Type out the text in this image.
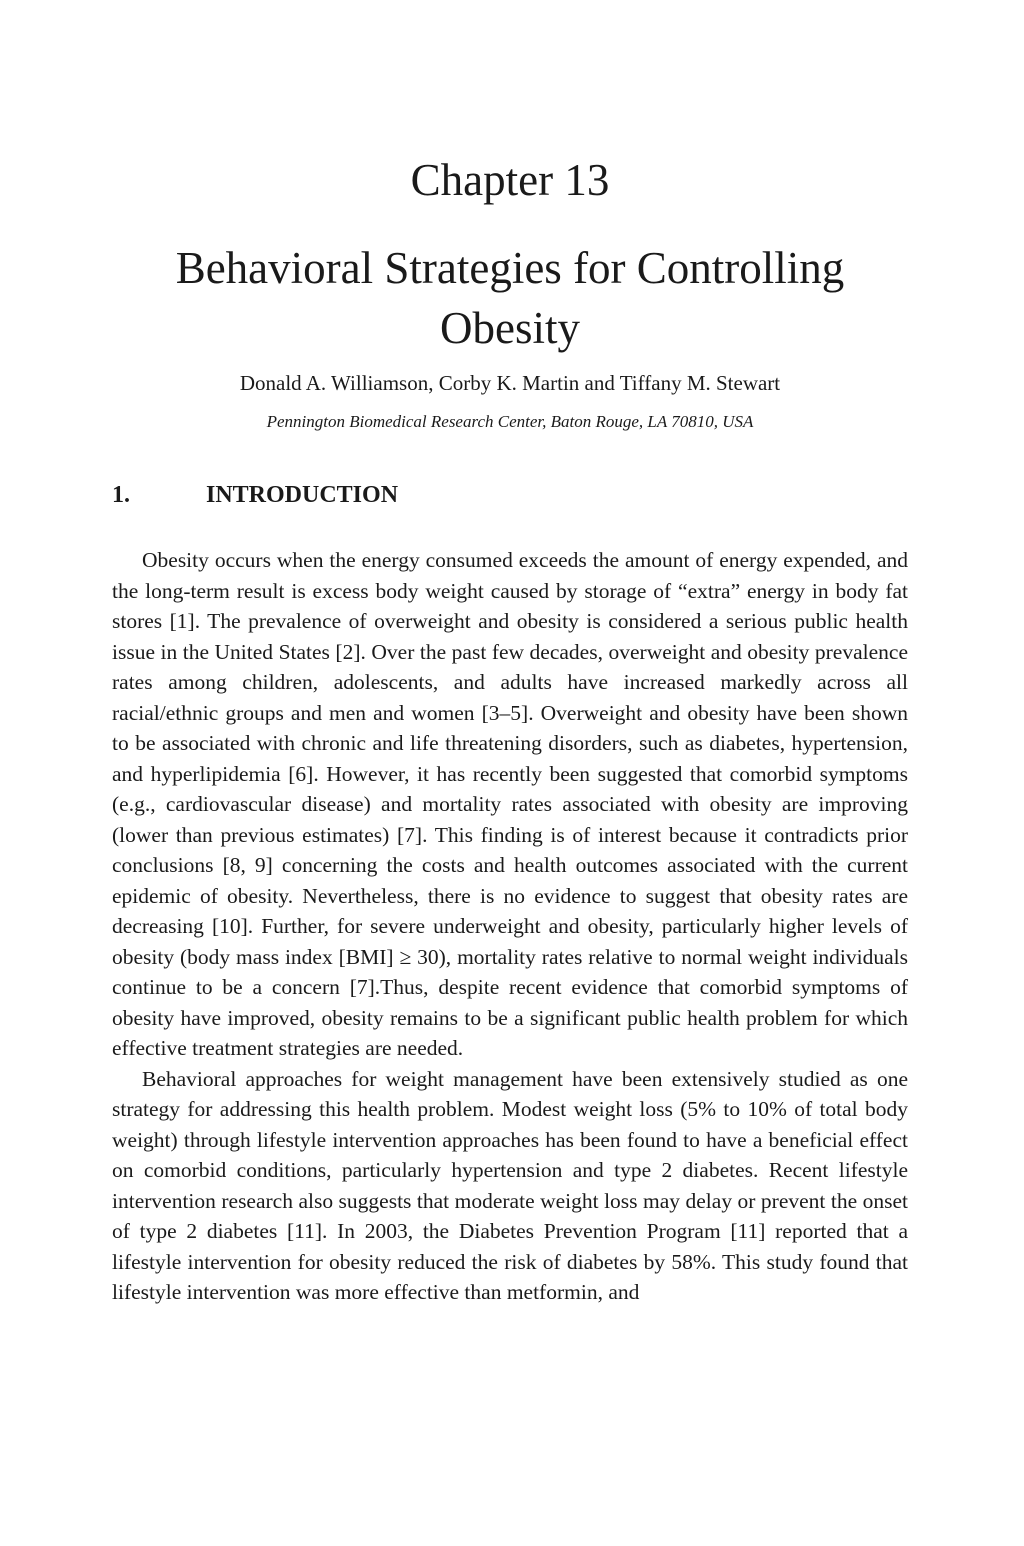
Chapter 13
Behavioral Strategies for Controlling
Obesity
Donald A. Williamson, Corby K. Martin and Tiffany M. Stewart
Pennington Biomedical Research Center, Baton Rouge, LA 70810, USA
1.	INTRODUCTION

Obesity occurs when the energy consumed exceeds the amount of energy expended, and the long-term result is excess body weight caused by storage of “extra” energy in body fat stores [1]. The prevalence of overweight and obesity is considered a serious public health issue in the United States [2]. Over the past few decades, overweight and obesity prevalence rates among children, adolescents, and adults have increased markedly across all racial/ethnic groups and men and women [3–5]. Overweight and obesity have been shown to be associated with chronic and life threatening disorders, such as diabetes, hypertension, and hyperlipidemia [6]. However, it has recently been suggested that comorbid symptoms (e.g., cardiovascular disease) and mortality rates associated with obesity are improving (lower than previous estimates) [7]. This finding is of interest because it contradicts prior conclusions [8, 9] concerning the costs and health outcomes associated with the current epidemic of obesity. Nevertheless, there is no evidence to suggest that obesity rates are decreasing [10]. Further, for severe underweight and obesity, particularly higher levels of obesity (body mass index [BMI] ≥ 30), mortality rates relative to normal weight individuals continue to be a concern [7].Thus, despite recent evidence that comorbid symptoms of obesity have improved, obesity remains to be a significant public health problem for which effective treatment strategies are needed.

Behavioral approaches for weight management have been extensively studied as one strategy for addressing this health problem. Modest weight loss (5% to 10% of total body weight) through lifestyle intervention approaches has been found to have a beneficial effect on comorbid conditions, particularly hypertension and type 2 diabetes. Recent lifestyle intervention research also suggests that moderate weight loss may delay or prevent the onset of type 2 diabetes [11]. In 2003, the Diabetes Prevention Program [11] reported that a lifestyle intervention for obesity reduced the risk of diabetes by 58%. This study found that lifestyle intervention was more effective than metformin, and
